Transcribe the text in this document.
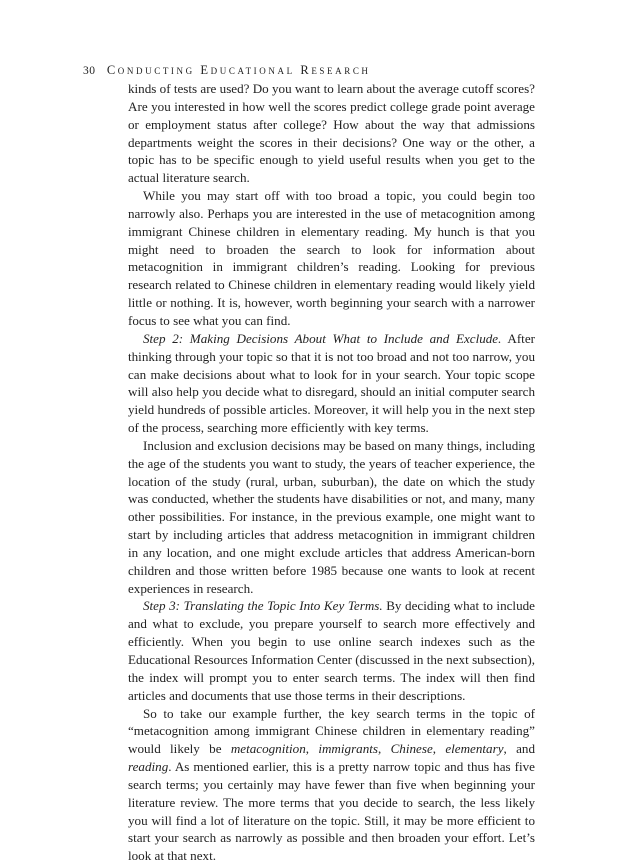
30 Conducting Educational Research

kinds of tests are used? Do you want to learn about the average cutoff scores? Are you interested in how well the scores predict college grade point average or employment status after college? How about the way that admissions departments weight the scores in their decisions? One way or the other, a topic has to be specific enough to yield useful results when you get to the actual literature search.

While you may start off with too broad a topic, you could begin too narrowly also. Perhaps you are interested in the use of metacognition among immigrant Chinese children in elementary reading. My hunch is that you might need to broaden the search to look for information about metacognition in immigrant children’s reading. Looking for previous research related to Chinese children in elementary reading would likely yield little or nothing. It is, however, worth beginning your search with a narrower focus to see what you can find.

Step 2: Making Decisions About What to Include and Exclude. After thinking through your topic so that it is not too broad and not too narrow, you can make decisions about what to look for in your search. Your topic scope will also help you decide what to disregard, should an initial computer search yield hundreds of possible articles. Moreover, it will help you in the next step of the process, searching more efficiently with key terms.

Inclusion and exclusion decisions may be based on many things, including the age of the students you want to study, the years of teacher experience, the location of the study (rural, urban, suburban), the date on which the study was conducted, whether the students have disabilities or not, and many, many other possibilities. For instance, in the previous example, one might want to start by including articles that address metacognition in immigrant children in any location, and one might exclude articles that address American-born children and those written before 1985 because one wants to look at recent experiences in research.

Step 3: Translating the Topic Into Key Terms. By deciding what to include and what to exclude, you prepare yourself to search more effectively and efficiently. When you begin to use online search indexes such as the Educational Resources Information Center (discussed in the next subsection), the index will prompt you to enter search terms. The index will then find articles and documents that use those terms in their descriptions.

So to take our example further, the key search terms in the topic of “metacognition among immigrant Chinese children in elementary reading” would likely be metacognition, immigrants, Chinese, elementary, and reading. As mentioned earlier, this is a pretty narrow topic and thus has five search terms; you certainly may have fewer than five when beginning your literature review. The more terms that you decide to search, the less likely you will find a lot of literature on the topic. Still, it may be more efficient to start your search as narrowly as possible and then broaden your effort. Let’s look at that next.
